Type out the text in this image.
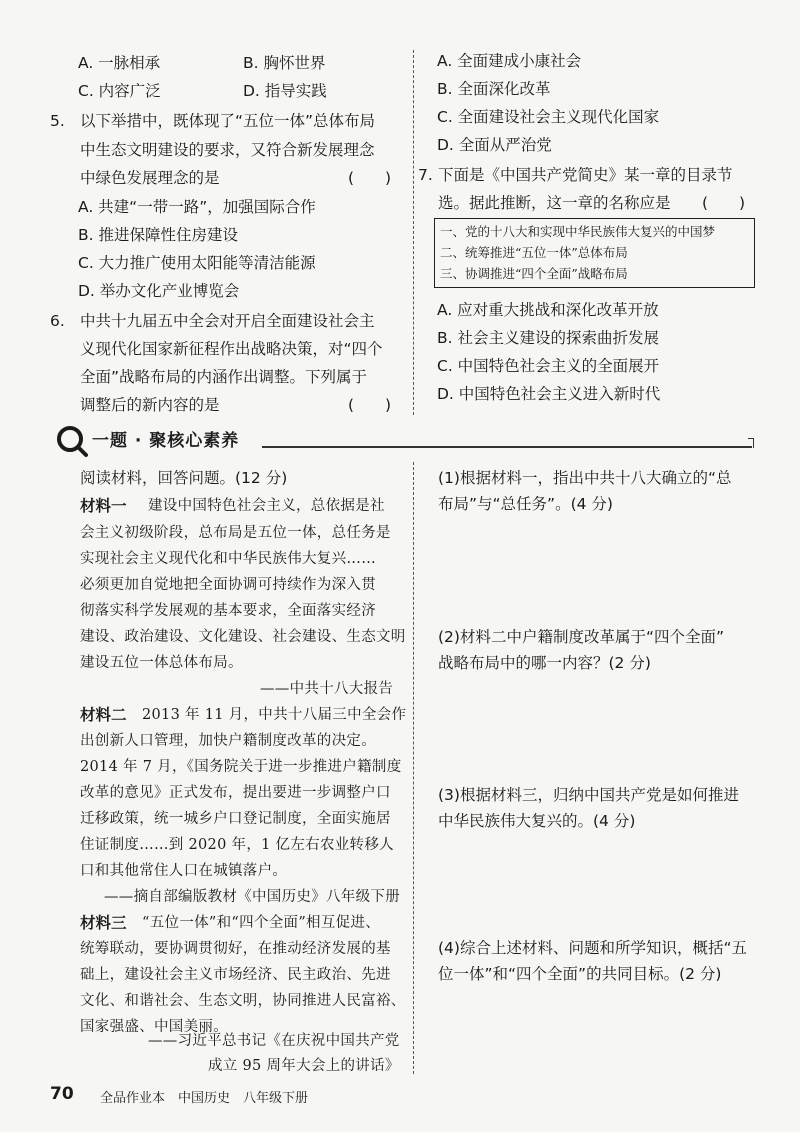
A. 一脉相承	B. 胸怀世界
C. 内容广泛	D. 指导实践
5. 以下举措中，既体现了“五位一体”总体布局
中生态文明建设的要求，又符合新发展理念
中绿色发展理念的是	(　　)
A. 共建“一带一路”，加强国际合作
B. 推进保障性住房建设
C. 大力推广使用太阳能等清洁能源
D. 举办文化产业博览会
6. 中共十九届五中全会对开启全面建设社会主
义现代化国家新征程作出战略决策，对“四个
全面”战略布局的内涵作出调整。下列属于
调整后的新内容的是	(　　)
A. 全面建成小康社会
B. 全面深化改革
C. 全面建设社会主义现代化国家
D. 全面从严治党
7. 下面是《中国共产党简史》某一章的目录节
选。据此推断，这一章的名称应是 (　　)
一、党的十八大和实现中华民族伟大复兴的中国梦
二、统筹推进“五位一体”总体布局
三、协调推进“四个全面”战略布局
A. 应对重大挑战和深化改革开放
B. 社会主义建设的探索曲折发展
C. 中国特色社会主义的全面展开
D. 中国特色社会主义进入新时代
一题 · 聚核心素养
阅读材料，回答问题。(12 分)
材料一 建设中国特色社会主义，总依据是社
会主义初级阶段，总布局是五位一体，总任务是
实现社会主义现代化和中华民族伟大复兴……
必须更加自觉地把全面协调可持续作为深入贯
彻落实科学发展观的基本要求，全面落实经济
建设、政治建设、文化建设、社会建设、生态文明
建设五位一体总体布局。
——中共十八大报告
材料二 2013 年 11 月，中共十八届三中全会作
出创新人口管理，加快户籍制度改革的决定。
2014 年 7 月，《国务院关于进一步推进户籍制度
改革的意见》正式发布，提出要进一步调整户口
迁移政策，统一城乡户口登记制度，全面实施居
住证制度……到 2020 年，1 亿左右农业转移人
口和其他常住人口在城镇落户。
——摘自部编版教材《中国历史》八年级下册
材料三 “五位一体”和“四个全面”相互促进、
统筹联动，要协调贯彻好，在推动经济发展的基
础上，建设社会主义市场经济、民主政治、先进
文化、和谐社会、生态文明，协同推进人民富裕、
国家强盛、中国美丽。
——习近平总书记《在庆祝中国共产党
成立 95 周年大会上的讲话》
(1)根据材料一，指出中共十八大确立的“总
布局”与“总任务”。(4 分)
(2)材料二中户籍制度改革属于“四个全面”
战略布局中的哪一内容？(2 分)
(3)根据材料三，归纳中国共产党是如何推进
中华民族伟大复兴的。(4 分)
(4)综合上述材料、问题和所学知识，概括“五
位一体”和“四个全面”的共同目标。(2 分)
70 全品作业本　中国历史　八年级下册
